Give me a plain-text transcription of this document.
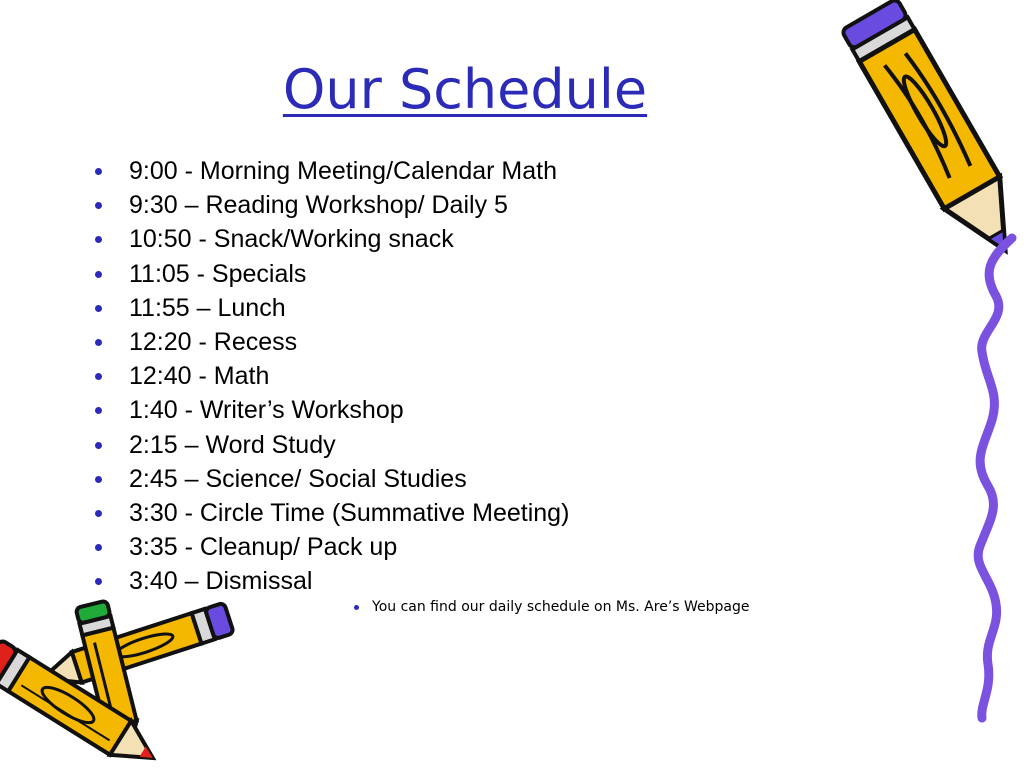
Our Schedule
9:00 - Morning Meeting/Calendar Math
9:30 – Reading Workshop/ Daily 5
10:50 - Snack/Working snack
11:05 - Specials
11:55 – Lunch
12:20 - Recess
12:40 - Math
1:40 - Writer’s Workshop
2:15 – Word Study
2:45 – Science/ Social Studies
3:30 - Circle Time (Summative Meeting)
3:35 - Cleanup/ Pack up
3:40 – Dismissal

You can find our daily schedule on Ms. Are’s Webpage
